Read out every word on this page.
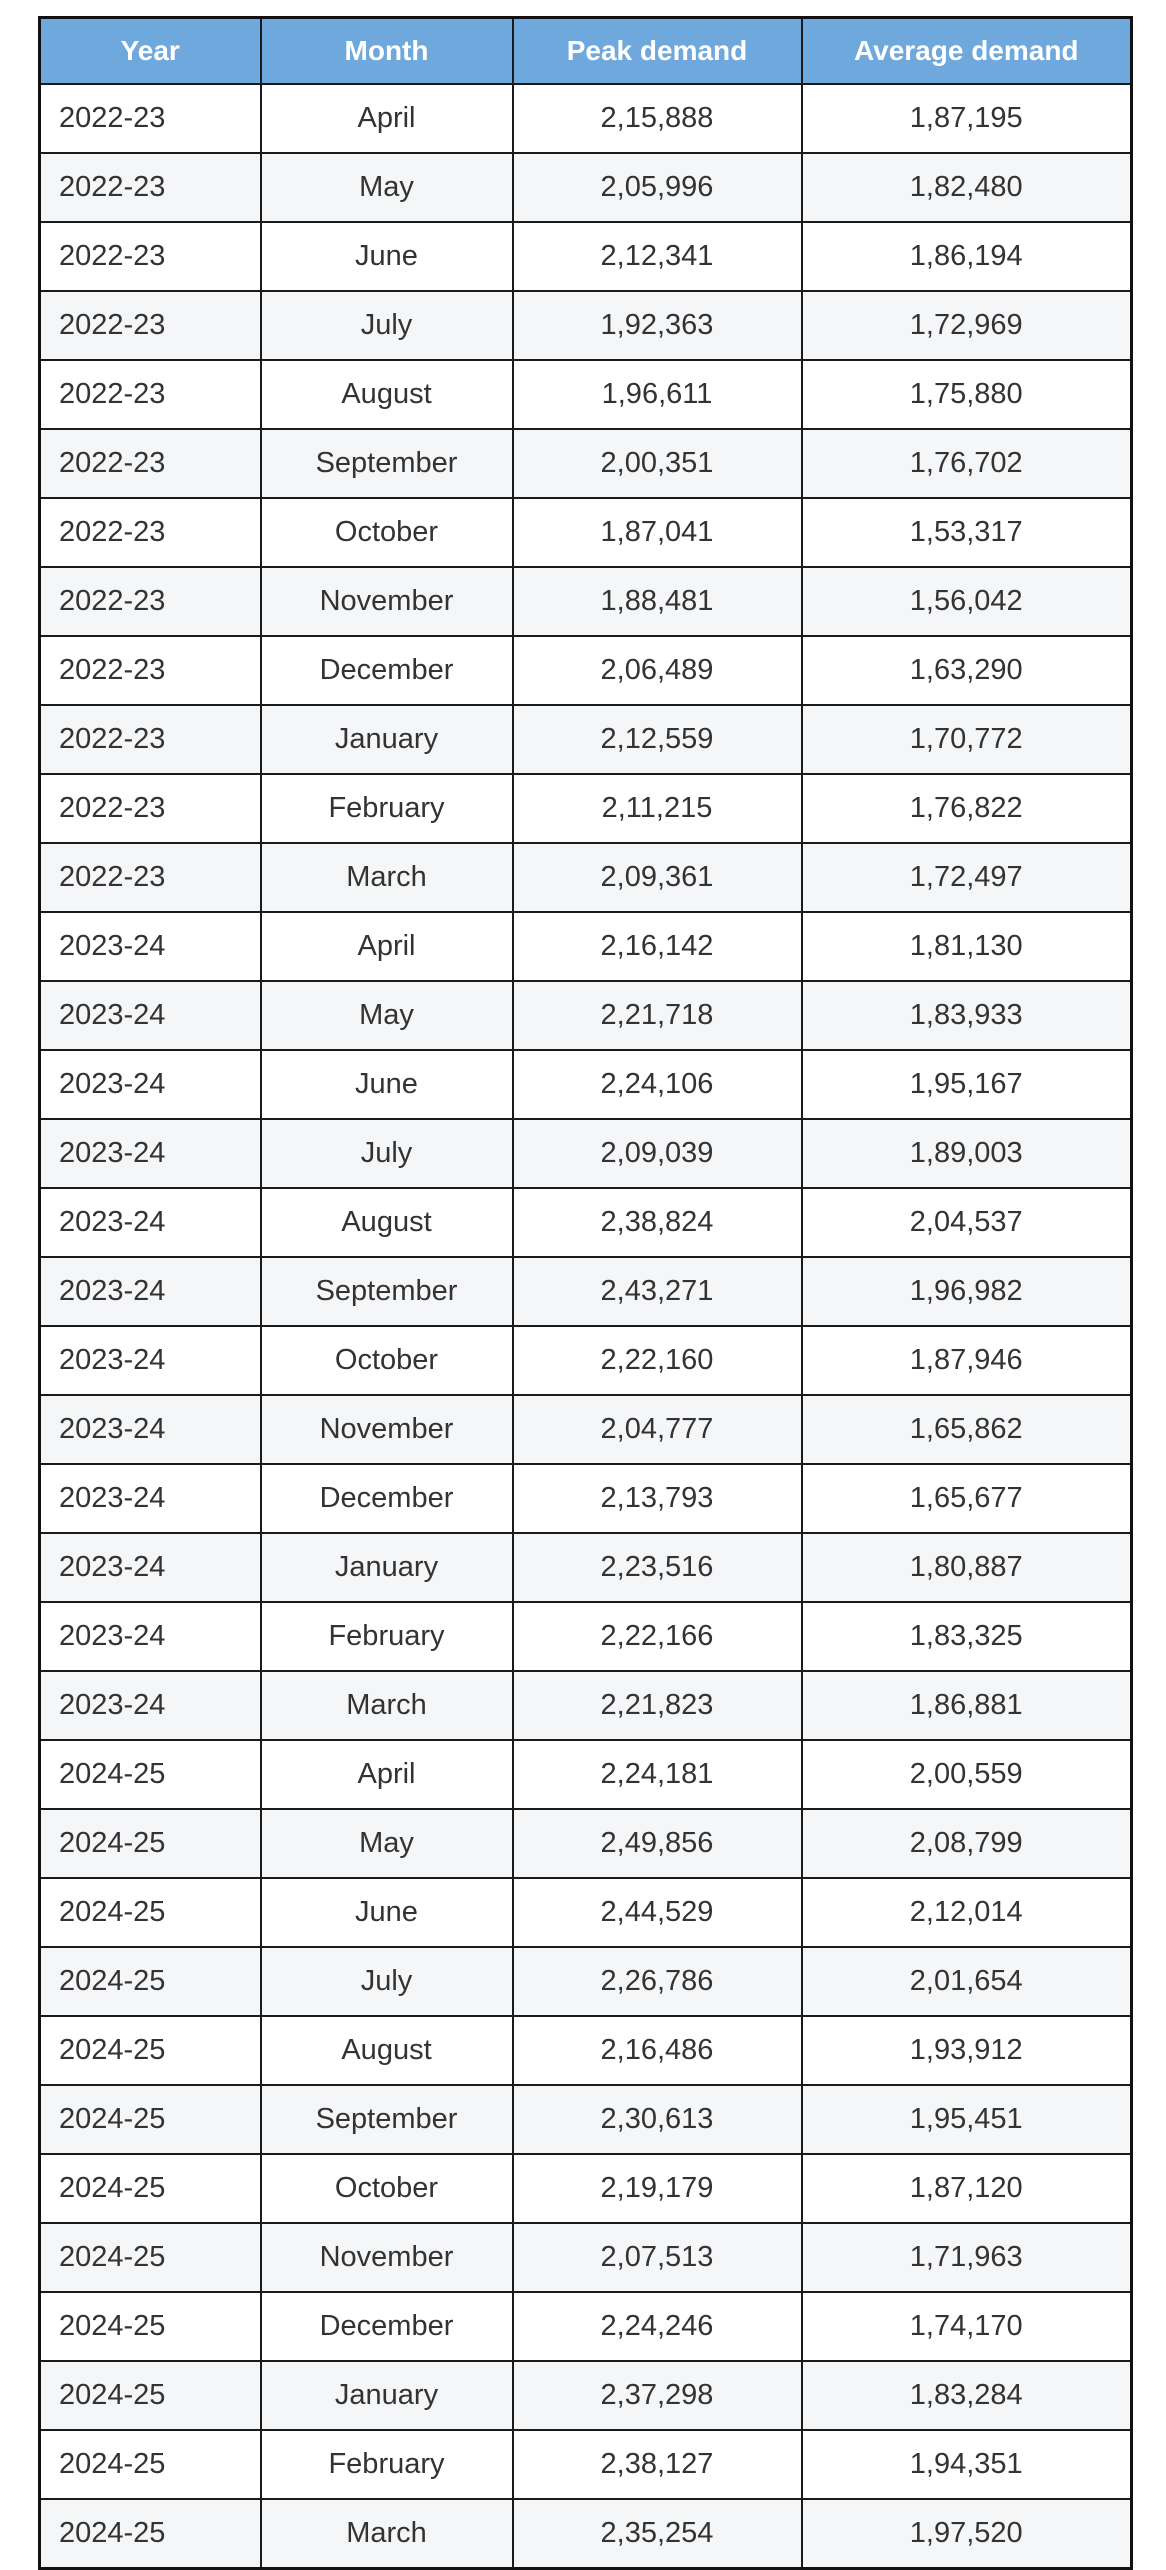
Year	Month	Peak demand	Average demand
2022-23	April	2,15,888	1,87,195
2022-23	May	2,05,996	1,82,480
2022-23	June	2,12,341	1,86,194
2022-23	July	1,92,363	1,72,969
2022-23	August	1,96,611	1,75,880
2022-23	September	2,00,351	1,76,702
2022-23	October	1,87,041	1,53,317
2022-23	November	1,88,481	1,56,042
2022-23	December	2,06,489	1,63,290
2022-23	January	2,12,559	1,70,772
2022-23	February	2,11,215	1,76,822
2022-23	March	2,09,361	1,72,497
2023-24	April	2,16,142	1,81,130
2023-24	May	2,21,718	1,83,933
2023-24	June	2,24,106	1,95,167
2023-24	July	2,09,039	1,89,003
2023-24	August	2,38,824	2,04,537
2023-24	September	2,43,271	1,96,982
2023-24	October	2,22,160	1,87,946
2023-24	November	2,04,777	1,65,862
2023-24	December	2,13,793	1,65,677
2023-24	January	2,23,516	1,80,887
2023-24	February	2,22,166	1,83,325
2023-24	March	2,21,823	1,86,881
2024-25	April	2,24,181	2,00,559
2024-25	May	2,49,856	2,08,799
2024-25	June	2,44,529	2,12,014
2024-25	July	2,26,786	2,01,654
2024-25	August	2,16,486	1,93,912
2024-25	September	2,30,613	1,95,451
2024-25	October	2,19,179	1,87,120
2024-25	November	2,07,513	1,71,963
2024-25	December	2,24,246	1,74,170
2024-25	January	2,37,298	1,83,284
2024-25	February	2,38,127	1,94,351
2024-25	March	2,35,254	1,97,520
